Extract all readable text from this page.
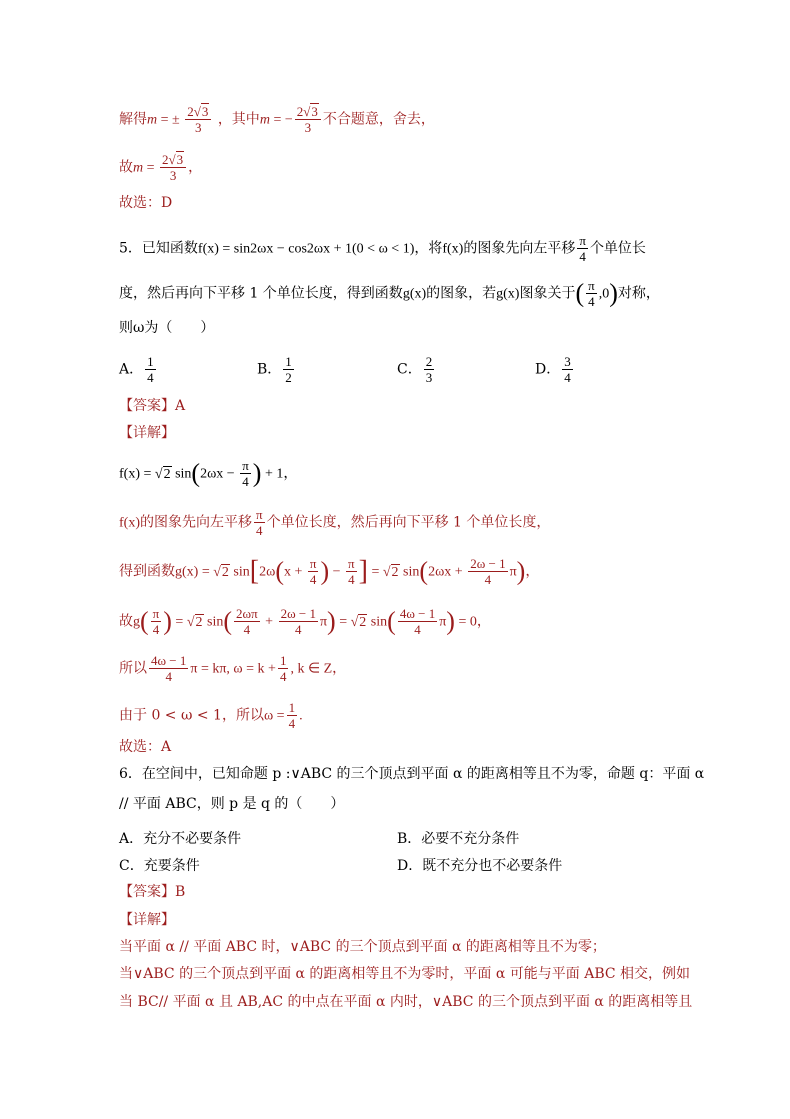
解得m = ± $\frac{2√3}{3}$ ，其中m = − $\frac{2√3}{3}$ 不合题意，舍去，
故$m = \frac{2√3}{3}$ ，
故选：D
5．已知函数f(x) = sin2ωx − cos2ωx + 1(0 < ω < 1)，将f(x)的图象先向左平移 $\frac{\pi}{4}$ 个单位长
度，然后再向下平移 1 个单位长度，得到函数g(x)的图象，若g(x)图象关于( $\frac{\pi}{4} ,0$)对称，
则ω为（　　）
A． $\frac{1}{4}$	B． $\frac{1}{2}$	C． $\frac{2}{3}$	D． $\frac{3}{4}$
【答案】A
【详解】
f(x) = √2 $\sin(2\omega x - \frac{\pi}{4}$ ) + 1，
f(x)的图象先向左平移 $\frac{\pi}{4}$ 个单位长度，然后再向下平移 1 个单位长度，
得到函数g(x) = √2 $\sin[2\omega(x + \frac{\pi}{4}$ ) − $\frac{\pi}{4}$ ] = √2 $\sin(2\omega x + \frac{2\omega - 1}{4} \pi)$，
故$g( \frac{\pi}{4}$ ) = √2 $\sin( \frac{2\omega\pi}{4} + \frac{2\omega - 1}{4} \pi) = √2$ $\sin( \frac{4\omega - 1}{4} \pi) = 0$，
所以 $\frac{4\omega - 1}{4}$ π = kπ, $\omega = k + \frac{1}{4}$ , k ∈ Z，
由于 0 < ω < 1，所以$\omega = \frac{1}{4}$ .
故选：A
6．在空间中，已知命题 p :∨ABC 的三个顶点到平面 α 的距离相等且不为零，命题 q：平面 α
// 平面 ABC，则 p 是 q 的（　　）
A．充分不必要条件	B．必要不充分条件
C．充要条件	D．既不充分也不必要条件
【答案】B
【详解】
当平面 α // 平面 ABC 时，∨ABC 的三个顶点到平面 α 的距离相等且不为零；
当∨ABC 的三个顶点到平面 α 的距离相等且不为零时，平面 α 可能与平面 ABC 相交，例如
当 BC// 平面 α 且 AB,AC 的中点在平面 α 内时，∨ABC 的三个顶点到平面 α 的距离相等且
